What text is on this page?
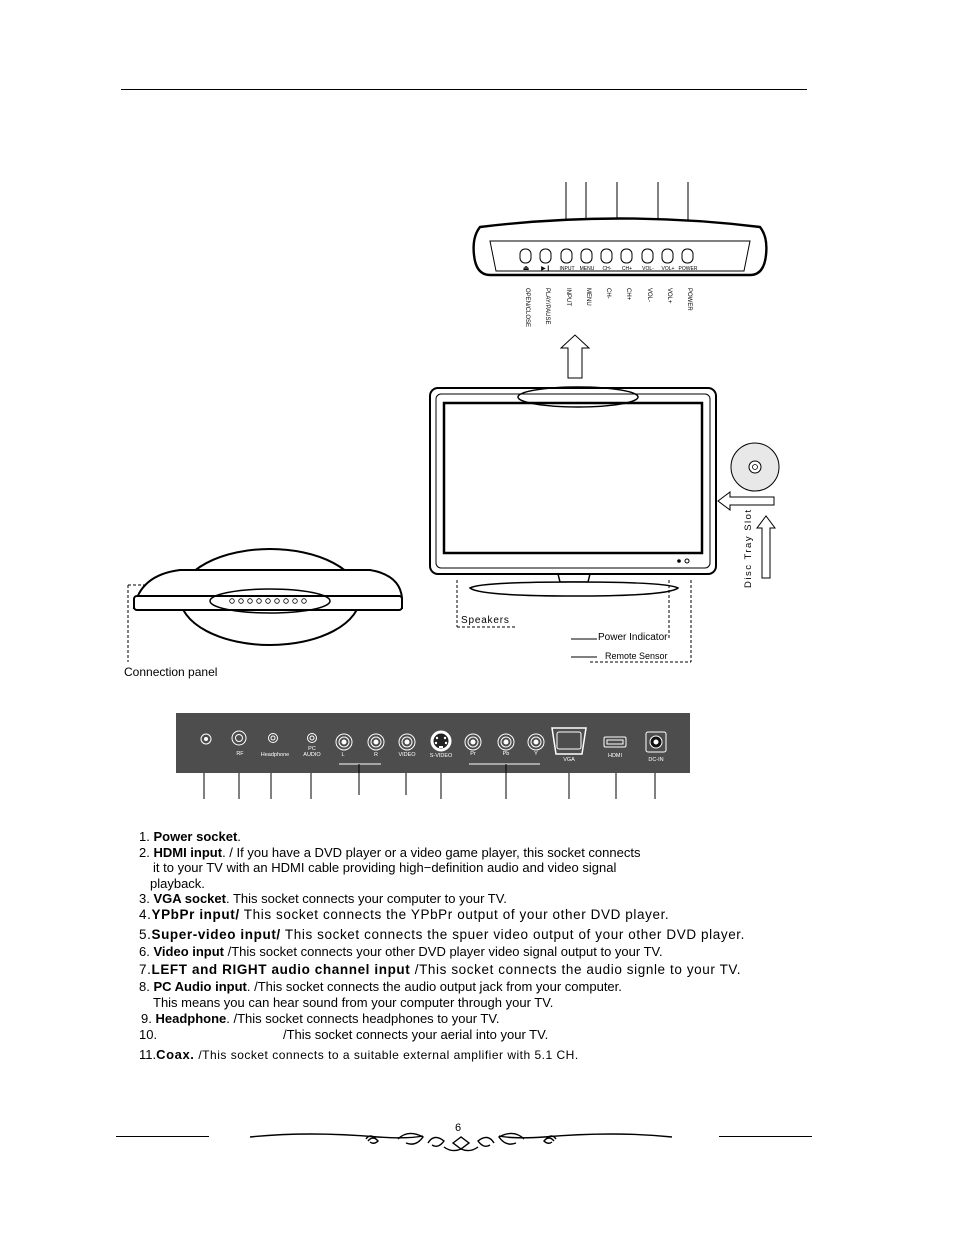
⏏ ▶❙ INPUT MENU CH- CH+ VOL- VOL+ POWER
OPEN/CLOSE PLAY/PAUSE	INPUT MENU CH- CH+	VOL- VOL+ POWER
Disc Tray Slot
Speakers
Power Indicator
Remote Sensor
Connection panel
RF	Headphone
PC
AUDIO	L	R	VIDEO	S-VIDEO	Pr	Pb	Y
VGA
HDMI
DC-IN
1. Power socket.
2. HDMI input. / If you have a DVD player or a video game player, this socket connects
it to your TV with an HDMI cable providing high−definition audio and video signal
playback.
3. VGA socket. This socket connects your computer to your TV.
4.YPbPr input/ This socket connects the YPbPr output of your other DVD player.
5.Super-video input/ This socket connects the spuer video output of your other DVD player.
6. Video input /This socket connects your other DVD player video signal output to your TV.
7.LEFT and RIGHT audio channel input /This socket connects the audio signle to your TV.
8. PC Audio input. /This socket connects the audio output jack from your computer.
This means you can hear sound from your computer through your TV.
9. Headphone. /This socket connects headphones to your TV.
10.	/This socket connects your aerial into your TV.
11.Coax. /This socket connects to a suitable external amplifier with 5.1 CH.
6
